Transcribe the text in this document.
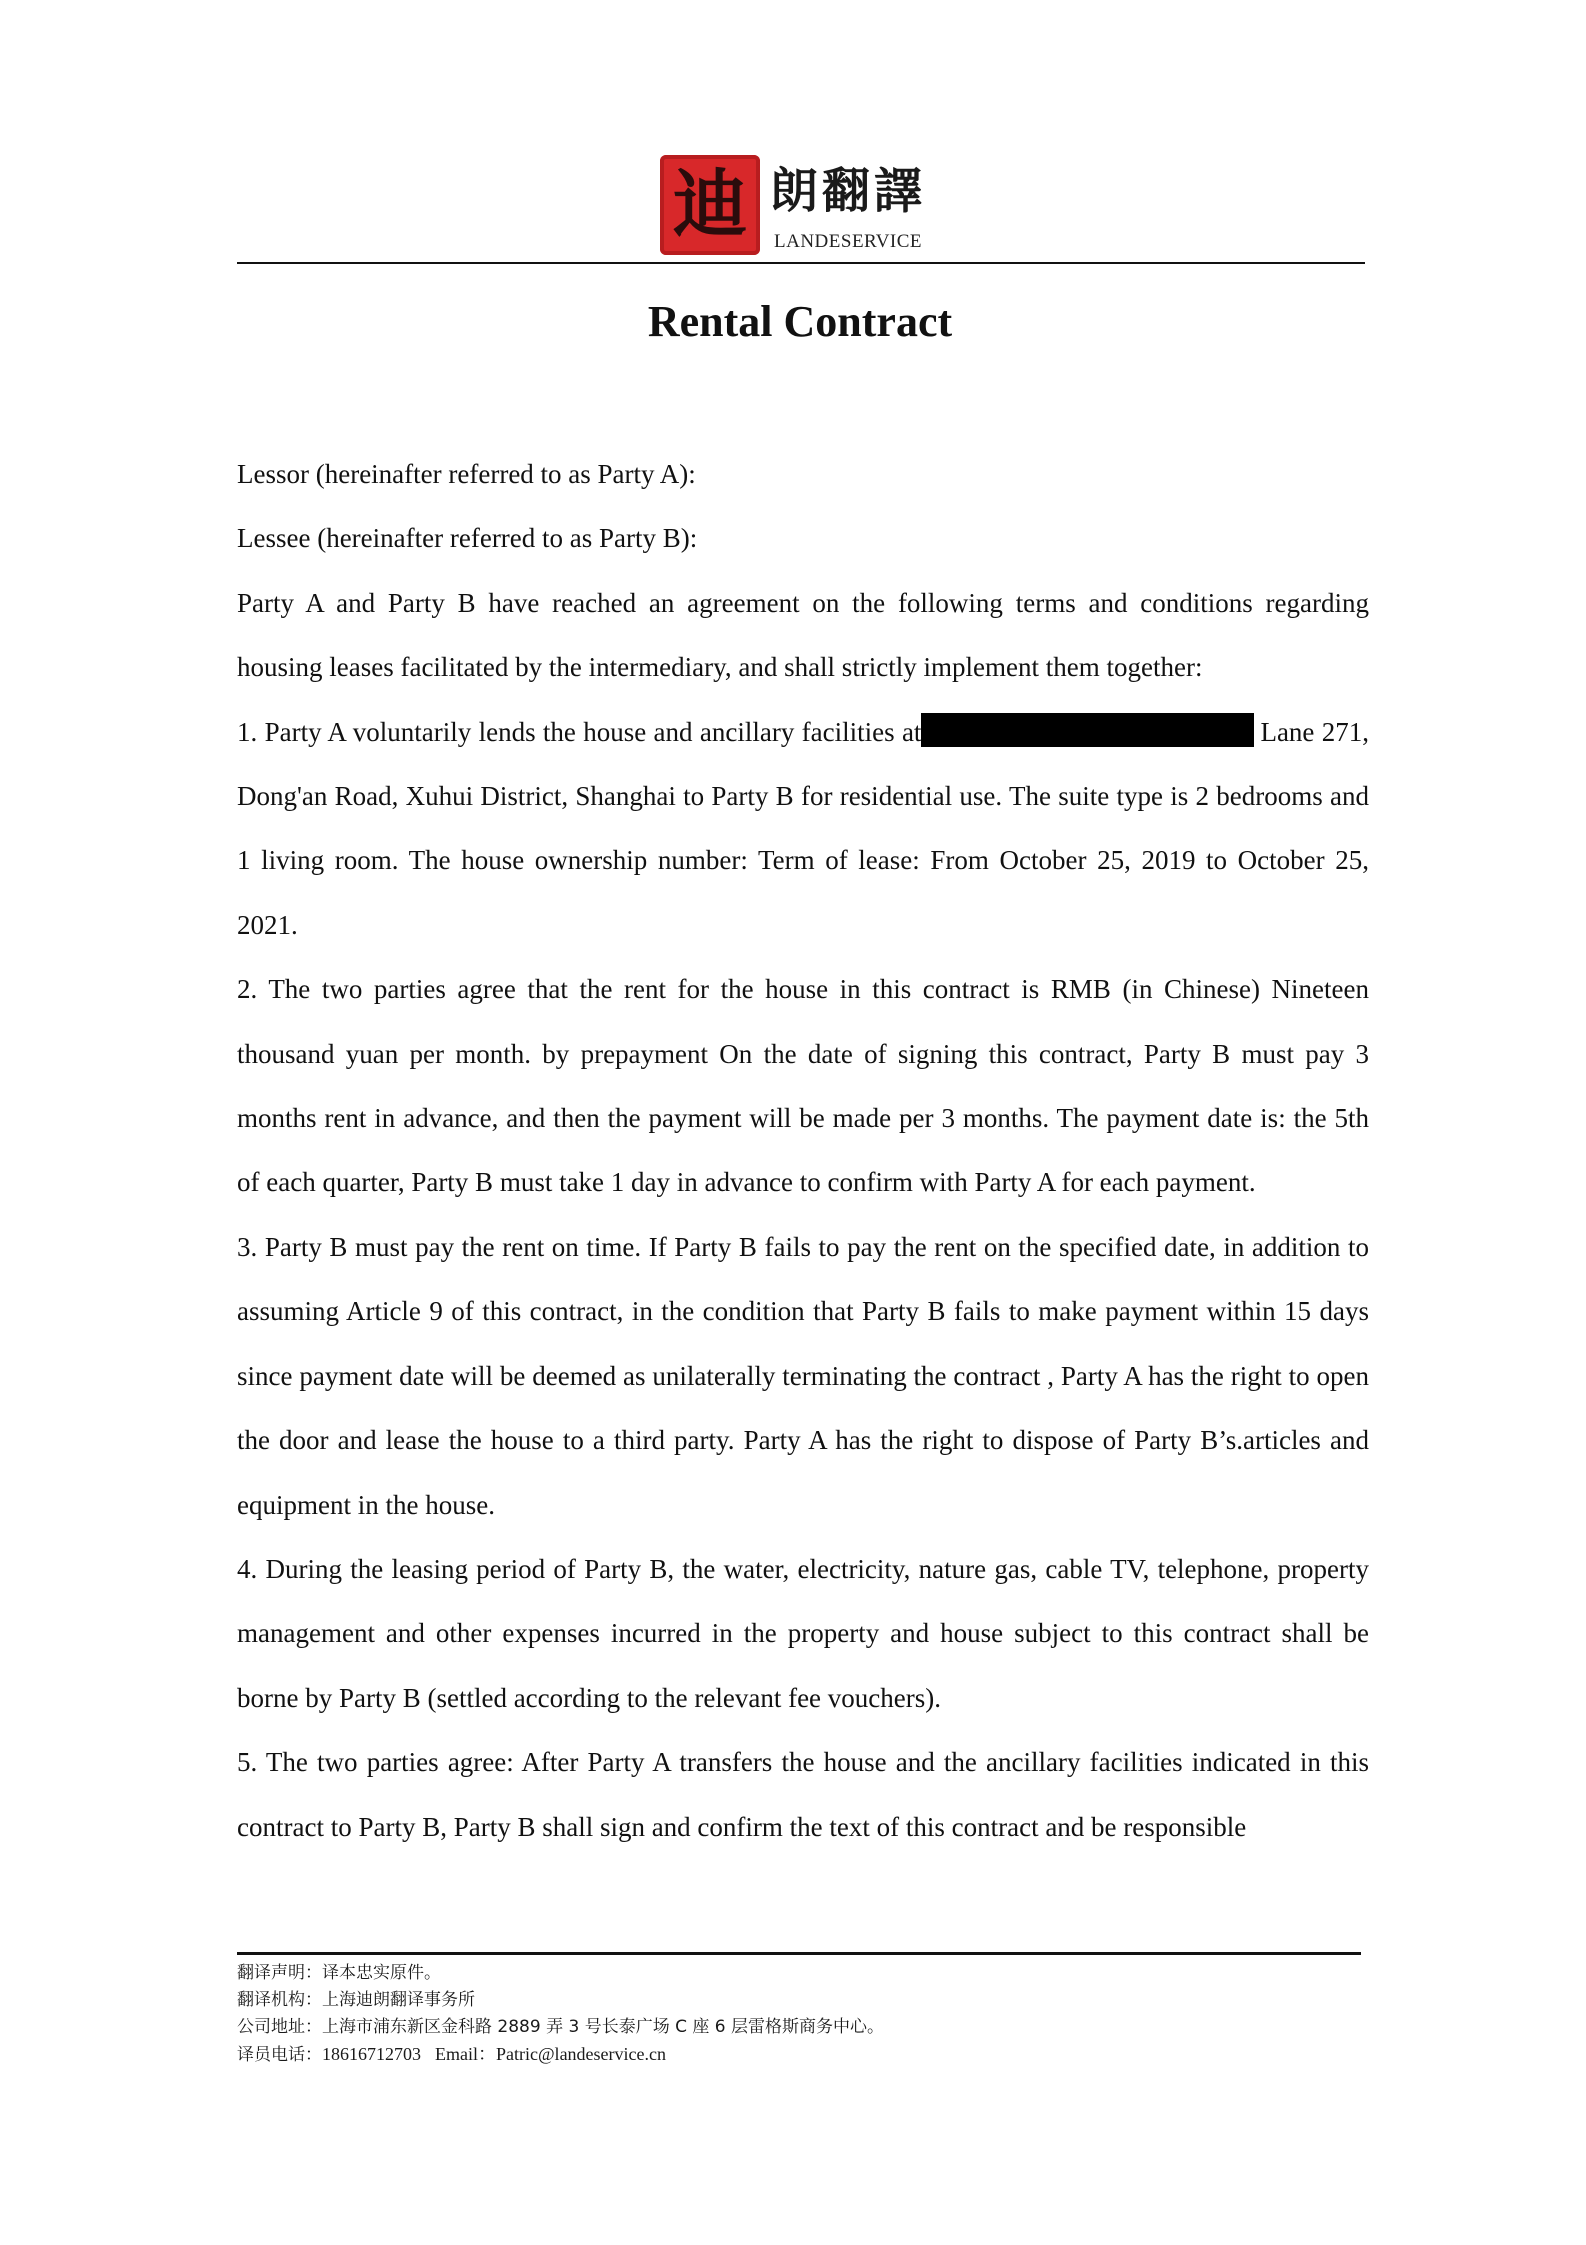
迪 朗翻譯
LANDESERVICE
Rental Contract

Lessor (hereinafter referred to as Party A):

Lessee (hereinafter referred to as Party B):

Party A and Party B have reached an agreement on the following terms and conditions regarding housing leases facilitated by the intermediary, and shall strictly implement them together:

1. Party A voluntarily lends the house and ancillary facilities at	Lane 271, Dong'an Road, Xuhui District, Shanghai to Party B for residential use. The suite type is 2 bedrooms and 1 living room. The house ownership number: Term of lease: From October 25, 2019 to October 25, 2021.

2. The two parties agree that the rent for the house in this contract is RMB (in Chinese) Nineteen thousand yuan per month. by prepayment On the date of signing this contract, Party B must pay 3 months rent in advance, and then the payment will be made per 3 months. The payment date is: the 5th of each quarter, Party B must take 1 day in advance to confirm with Party A for each payment.

3. Party B must pay the rent on time. If Party B fails to pay the rent on the specified date, in addition to assuming Article 9 of this contract, in the condition that Party B fails to make payment within 15 days since payment date will be deemed as unilaterally terminating the contract , Party A has the right to open the door and lease the house to a third party. Party A has the right to dispose of Party B’s.articles and equipment in the house.

4. During the leasing period of Party B, the water, electricity, nature gas, cable TV, telephone, property management and other expenses incurred in the property and house subject to this contract shall be borne by Party B (settled according to the relevant fee vouchers).

5. The two parties agree: After Party A transfers the house and the ancillary facilities indicated in this contract to Party B, Party B shall sign and confirm the text of this contract and be responsible

翻译声明：译本忠实原件。
翻译机构：上海迪朗翻译事务所
公司地址：上海市浦东新区金科路 2889 弄 3 号长泰广场 C 座 6 层雷格斯商务中心。
译员电话：18616712703 Email：Patric@landeservice.cn
